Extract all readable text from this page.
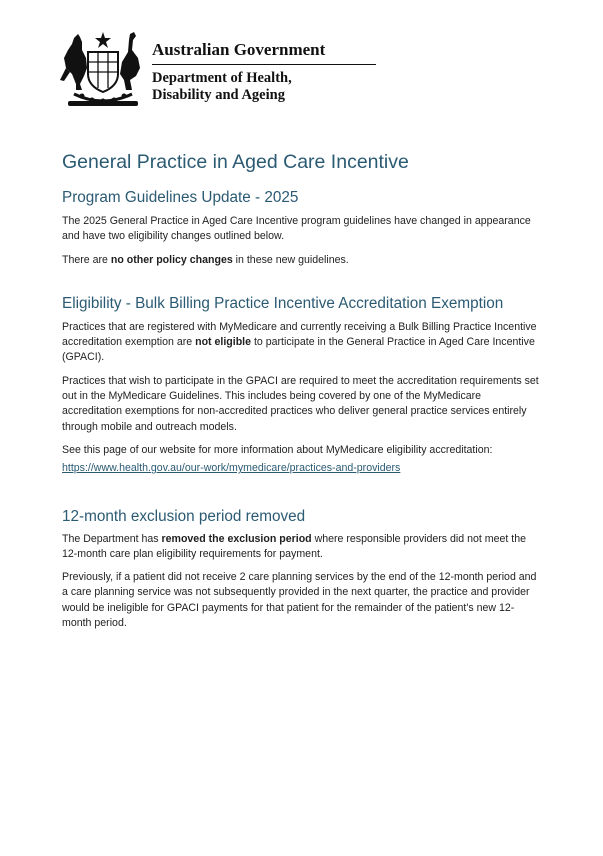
Australian Government
Department of Health,
Disability and Ageing
General Practice in Aged Care Incentive
Program Guidelines Update - 2025

The 2025 General Practice in Aged Care Incentive program guidelines have changed in appearance and have two eligibility changes outlined below.

There are no other policy changes in these new guidelines.

Eligibility - Bulk Billing Practice Incentive Accreditation Exemption

Practices that are registered with MyMedicare and currently receiving a Bulk Billing Practice Incentive accreditation exemption are not eligible to participate in the General Practice in Aged Care Incentive (GPACI).

Practices that wish to participate in the GPACI are required to meet the accreditation requirements set out in the MyMedicare Guidelines. This includes being covered by one of the MyMedicare accreditation exemptions for non-accredited practices who deliver general practice services entirely through mobile and outreach models.

See this page of our website for more information about MyMedicare eligibility accreditation:

https://www.health.gov.au/our-work/mymedicare/practices-and-providers
12-month exclusion period removed

The Department has removed the exclusion period where responsible providers did not meet the 12-month care plan eligibility requirements for payment.

Previously, if a patient did not receive 2 care planning services by the end of the 12-month period and a care planning service was not subsequently provided in the next quarter, the practice and provider would be ineligible for GPACI payments for that patient for the remainder of the patient's new 12-month period.
